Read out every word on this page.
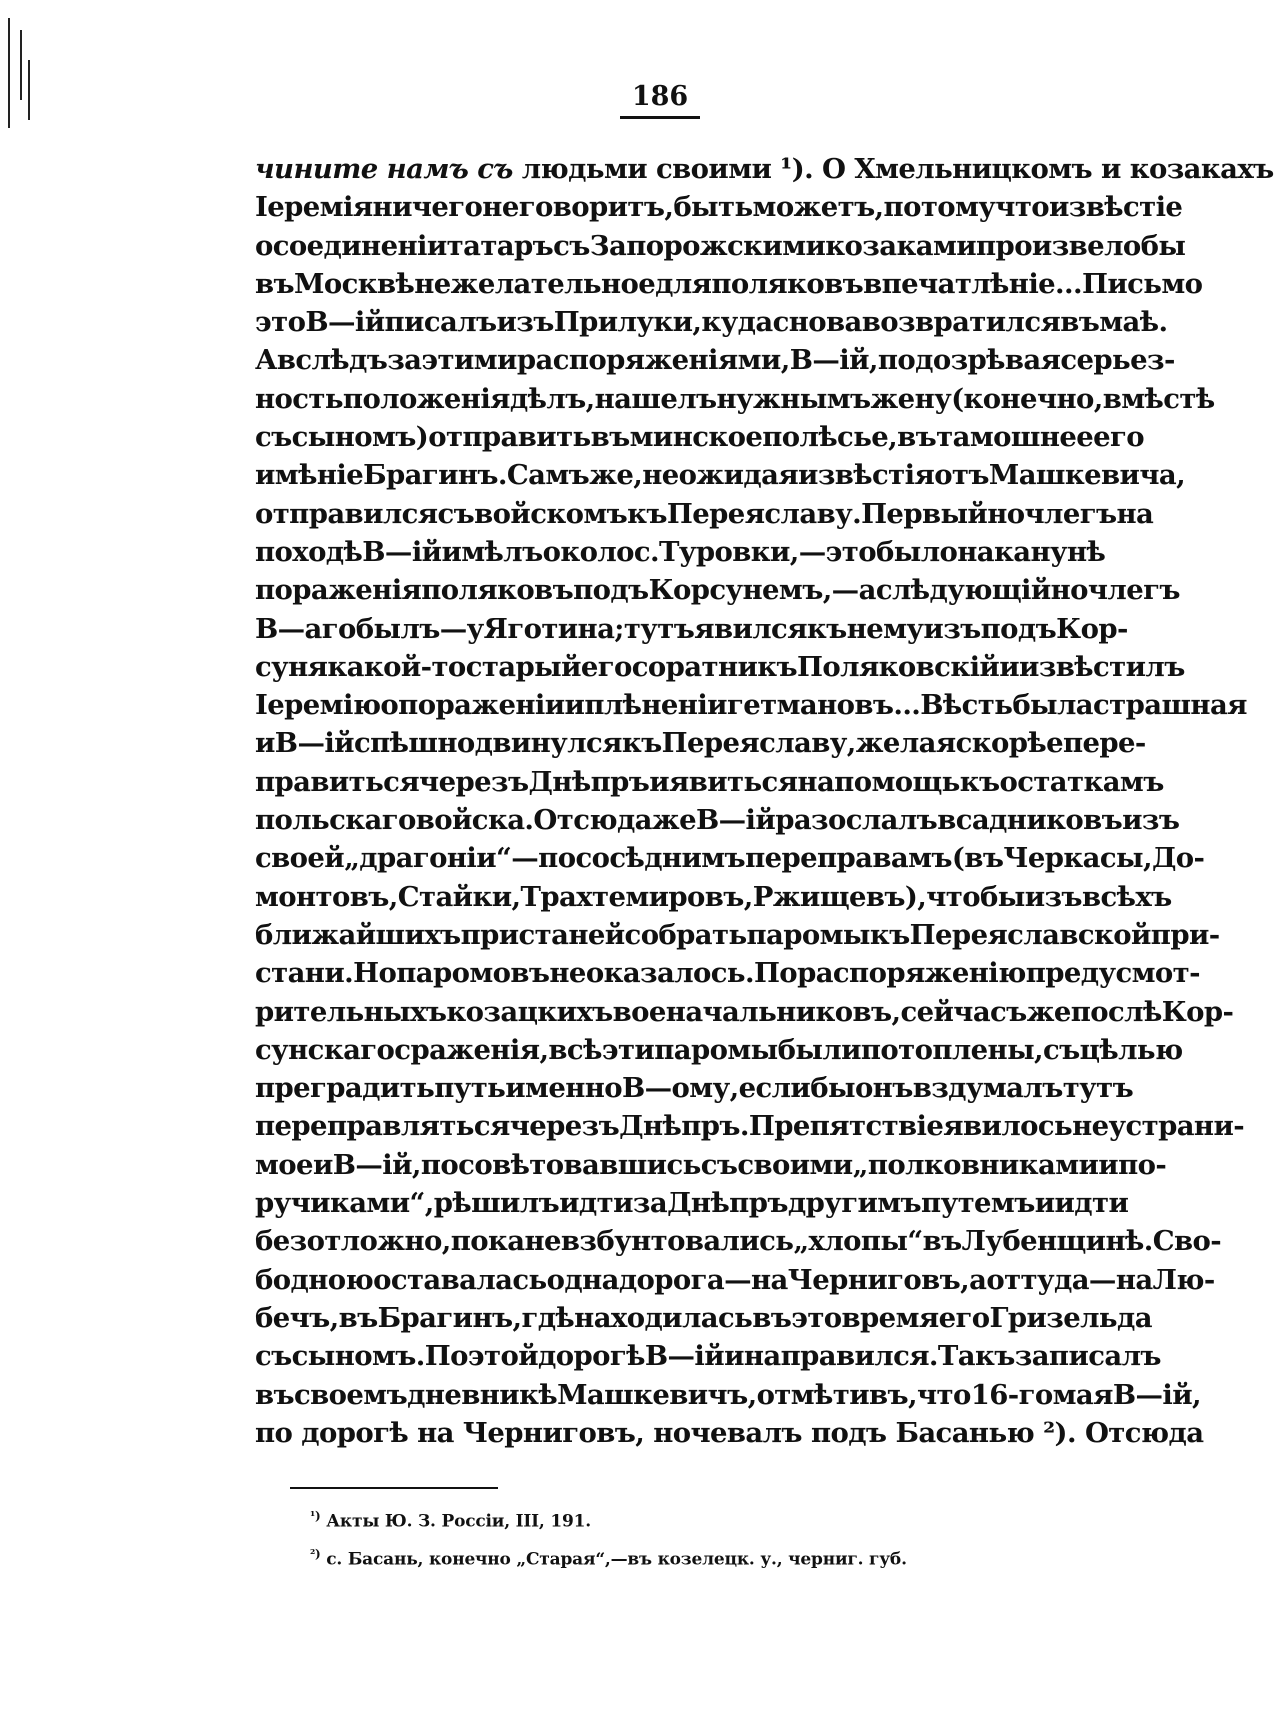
186
чините намъ съ людьми своими ¹). О Хмельницкомъ и козакахъ
Іеремія ничего не говоритъ, быть можетъ, потому что извѣстіе
о соединеніи татаръ съ Запорожскими козаками произвело бы
въ Москвѣ нежелательное для поляковъ впечатлѣніе... Письмо
это В—ій писалъ изъ Прилуки, куда снова возвратился въ маѣ.
А вслѣдъ за этими распоряженіями, В—ій, подозрѣвая серьез-
ность положенія дѣлъ, нашелъ нужнымъ жену (конечно, вмѣстѣ
съ сыномъ) отправить въ минское полѣсье, въ тамошнее его
имѣніе Брагинъ. Самъ же, не ожидая извѣстія отъ Машкевича,
отправился съ войскомъ къ Переяславу. Первый ночлегъ на
походѣ В—ій имѣлъ около с. Туровки,—это было наканунѣ
пораженія поляковъ подъ Корсунемъ,—а слѣдующій ночлегъ
В—аго былъ—у Яготина; тутъ явился къ нему изъ подъ Кор-
суня какой-то старый его соратникъ Поляковскій и извѣстилъ
Іеремію о пораженіи и плѣненіи гетмановъ... Вѣсть была страшная
и В—ій спѣшно двинулся къ Переяславу, желая скорѣе пере-
правиться черезъ Днѣпръ и явиться на помощь къ остаткамъ
польскаго войска. Отсюда же В — ій разослалъ всадниковъ изъ
своей „драгоніи“—по сосѣднимъ переправамъ (въ Черкасы, До-
монтовъ, Стайки, Трахтемировъ, Ржищевъ), чтобы изъ всѣхъ
ближайшихъ пристаней собрать паромы къ Переяславской при-
стани. Но паромовъ не оказалось. По распоряженію предусмот-
рительныхъ козацкихъ военачальниковъ, сейчасъ же послѣ Кор-
сунскаго сраженія, всѣ эти паромы были потоплены, съ цѣлью
преградить путь именно В—ому, если бы онъ вздумалъ тутъ
переправляться черезъ Днѣпръ. Препятствіе явилось неустрани-
мое и В—ій, посовѣтовавшись съ своими „полковниками и по-
ручиками“, рѣшилъ идти за Днѣпръ другимъ путемъ и идти
безотложно, пока не взбунтовались „хлопы“ въ Лубенщинѣ. Сво-
бодною оставалась одна дорога—на Черниговъ, а оттуда—на Лю-
бечъ, въ Брагинъ, гдѣ находилась въ это время его Гризельда
съ сыномъ. По этой дорогѣ В—ій и направился. Такъ записалъ
въ своемъ дневникѣ Машкевичъ, отмѣтивъ, что 16-го мая В—ій,
по дорогѣ на Черниговъ, ночевалъ подъ Басанью ²). Отсюда
$^{^1)}$ Акты Ю. З. Россіи, III, 191.
$^{^2)}$ с. Басань, конечно „Старая“,—въ козелецк. у., черниг. губ.
